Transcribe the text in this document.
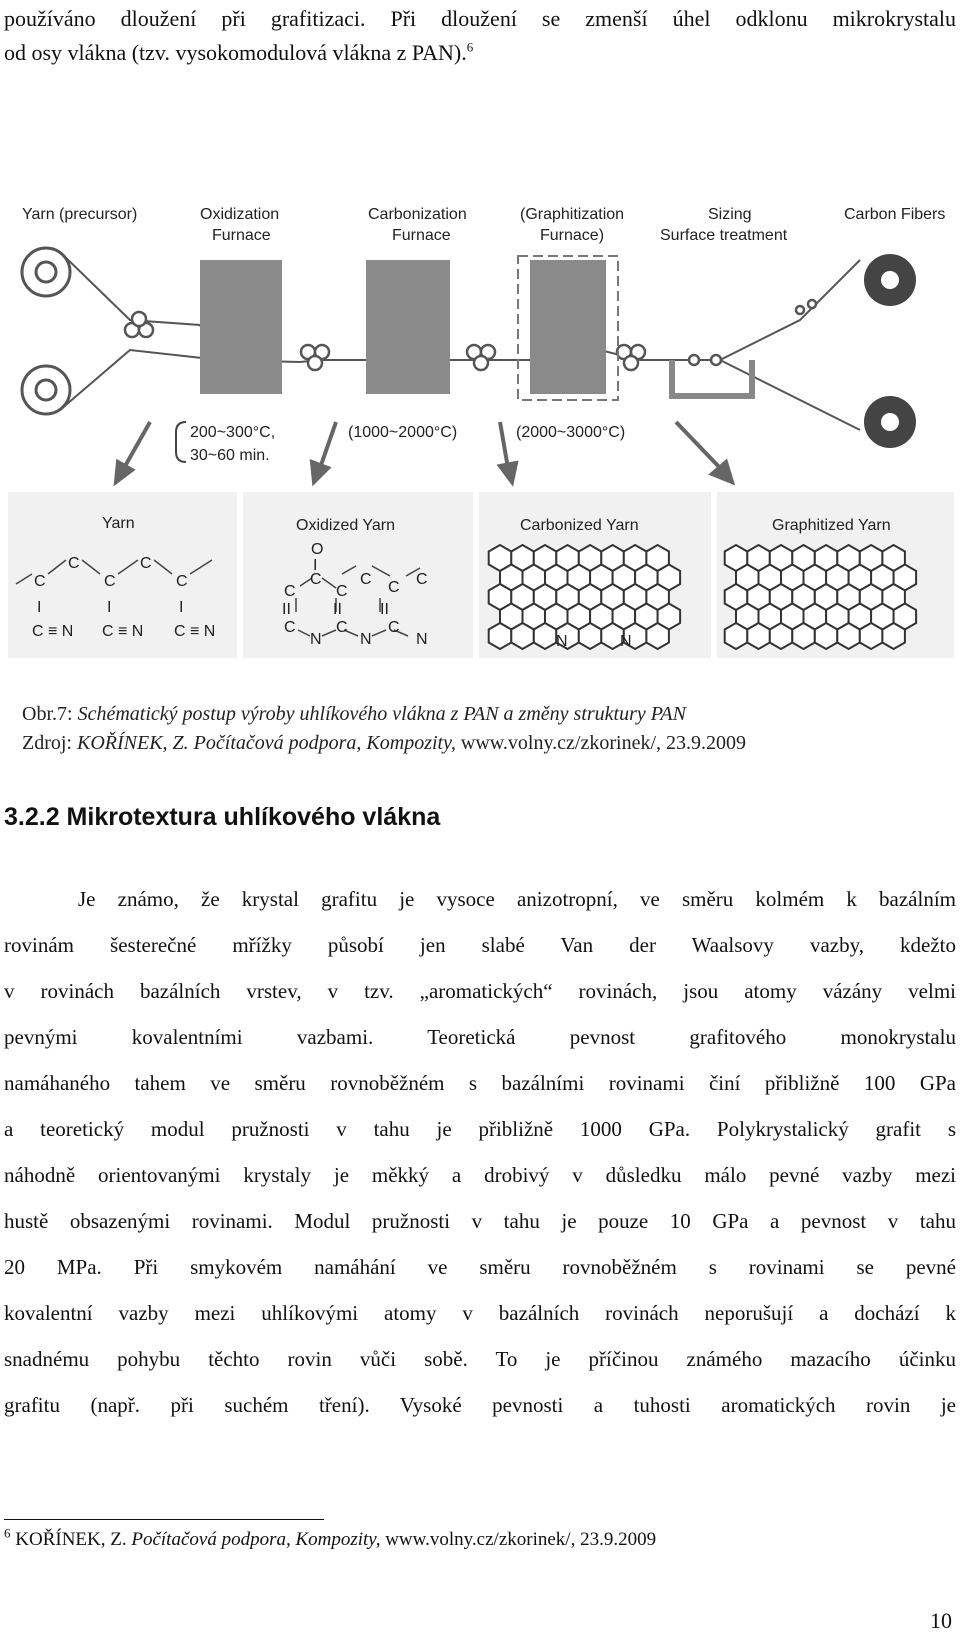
používáno dloužení při grafitizaci. Při dloužení se zmenší úhel odklonu mikrokrystalu
od osy vlákna (tzv. vysokomodulová vlákna z PAN).$^6$
Yarn (precursor)	Oxidization
Furnace
Carbonization
Furnace
(Graphitization
Furnace)
Sizing
Surface treatment
Carbon Fibers
200~300°C,
30~60 min.
(1000~2000°C)	(2000~3000°C)
Yarn	Oxidized Yarn	Carbonized Yarn	Graphitized Yarn
C
C
C
C
C
I	I	I
C ≡ N C ≡ N C ≡ N
O
I
C
C
C
C C C
II	II II
C
N
C
N
C
N	N	N
Obr.7: Schématický postup výroby uhlíkového vlákna z PAN a změny struktury PAN
Zdroj: KOŘÍNEK, Z. Počítačová podpora, Kompozity, www.volny.cz/zkorinek/, 23.9.2009
3.2.2 Mikrotextura uhlíkového vlákna
Je známo, že krystal grafitu je vysoce anizotropní, ve směru kolmém k bazálním
rovinám šesterečné mřížky působí jen slabé Van der Waalsovy vazby, kdežto
v rovinách bazálních vrstev, v tzv. „aromatických“ rovinách, jsou atomy vázány velmi
pevnými kovalentními vazbami. Teoretická pevnost grafitového monokrystalu
namáhaného tahem ve směru rovnoběžném s bazálními rovinami činí přibližně 100 GPa
a teoretický modul pružnosti v tahu je přibližně 1000 GPa. Polykrystalický grafit s
náhodně orientovanými krystaly je měkký a drobivý v důsledku málo pevné vazby mezi
hustě obsazenými rovinami. Modul pružnosti v tahu je pouze 10 GPa a pevnost v tahu
20 MPa. Při smykovém namáhání ve směru rovnoběžném s rovinami se pevné
kovalentní vazby mezi uhlíkovými atomy v bazálních rovinách neporušují a dochází k
snadnému pohybu těchto rovin vůči sobě. To je příčinou známého mazacího účinku
grafitu (např. při suchém tření). Vysoké pevnosti a tuhosti aromatických rovin je
$^6$ KOŘÍNEK, Z. Počítačová podpora, Kompozity, www.volny.cz/zkorinek/, 23.9.2009
10
